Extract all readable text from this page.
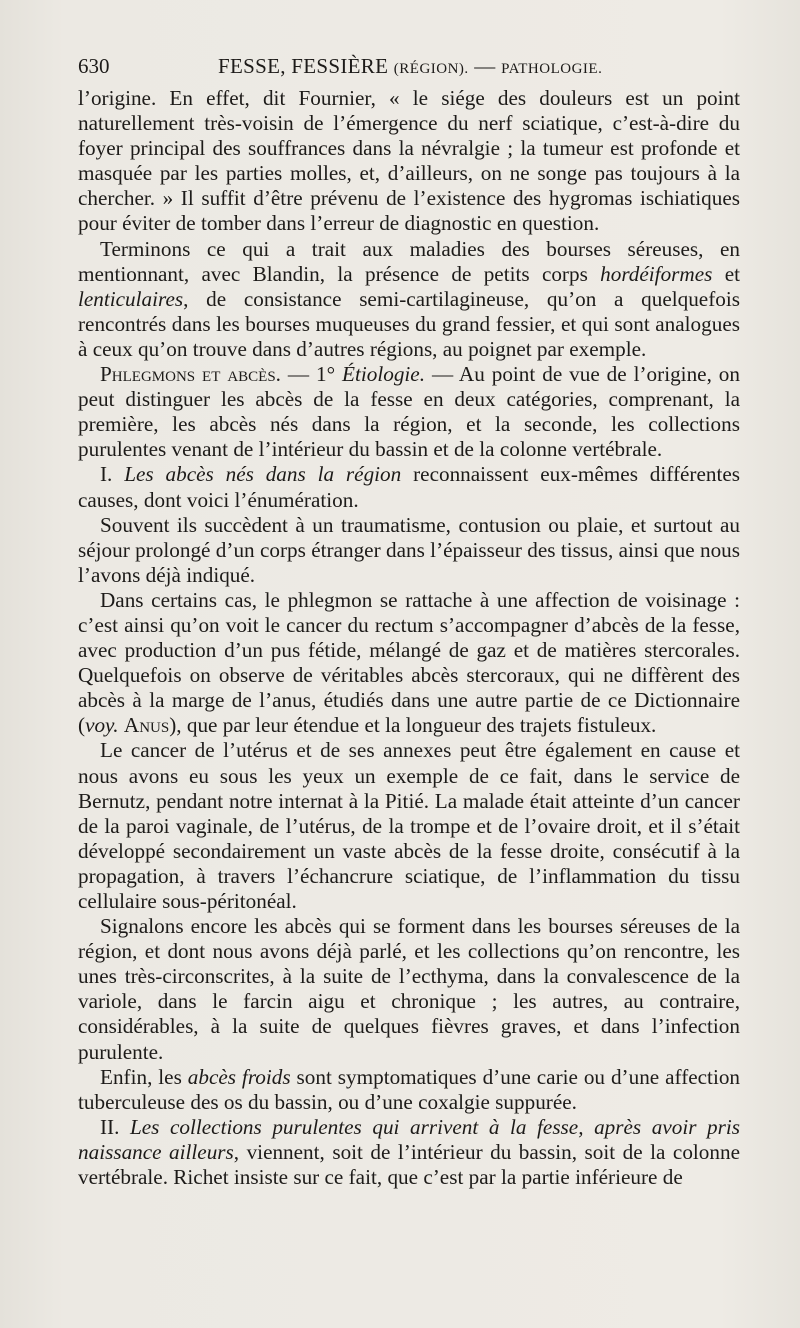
630	FESSE, FESSIÈRE (RÉGION). — PATHOLOGIE.

l’origine. En effet, dit Fournier, « le siége des douleurs est un point naturellement très-voisin de l’émergence du nerf sciatique, c’est-à-dire du foyer principal des souffrances dans la névralgie ; la tumeur est profonde et masquée par les parties molles, et, d’ailleurs, on ne songe pas toujours à la chercher. » Il suffit d’être prévenu de l’existence des hygromas ischiatiques pour éviter de tomber dans l’erreur de diagnostic en question.

Terminons ce qui a trait aux maladies des bourses séreuses, en mentionnant, avec Blandin, la présence de petits corps hordéiformes et lenticulaires, de consistance semi-cartilagineuse, qu’on a quelquefois rencontrés dans les bourses muqueuses du grand fessier, et qui sont analogues à ceux qu’on trouve dans d’autres régions, au poignet par exemple.

Phlegmons et abcès. — 1° Étiologie. — Au point de vue de l’origine, on peut distinguer les abcès de la fesse en deux catégories, comprenant, la première, les abcès nés dans la région, et la seconde, les collections purulentes venant de l’intérieur du bassin et de la colonne vertébrale.

I. Les abcès nés dans la région reconnaissent eux-mêmes différentes causes, dont voici l’énumération.

Souvent ils succèdent à un traumatisme, contusion ou plaie, et surtout au séjour prolongé d’un corps étranger dans l’épaisseur des tissus, ainsi que nous l’avons déjà indiqué.

Dans certains cas, le phlegmon se rattache à une affection de voisinage : c’est ainsi qu’on voit le cancer du rectum s’accompagner d’abcès de la fesse, avec production d’un pus fétide, mélangé de gaz et de matières stercorales. Quelquefois on observe de véritables abcès stercoraux, qui ne diffèrent des abcès à la marge de l’anus, étudiés dans une autre partie de ce Dictionnaire (voy. Anus), que par leur étendue et la longueur des trajets fistuleux.

Le cancer de l’utérus et de ses annexes peut être également en cause et nous avons eu sous les yeux un exemple de ce fait, dans le service de Bernutz, pendant notre internat à la Pitié. La malade était atteinte d’un cancer de la paroi vaginale, de l’utérus, de la trompe et de l’ovaire droit, et il s’était développé secondairement un vaste abcès de la fesse droite, consécutif à la propagation, à travers l’échancrure sciatique, de l’inflammation du tissu cellulaire sous-péritonéal.

Signalons encore les abcès qui se forment dans les bourses séreuses de la région, et dont nous avons déjà parlé, et les collections qu’on rencontre, les unes très-circonscrites, à la suite de l’ecthyma, dans la convalescence de la variole, dans le farcin aigu et chronique ; les autres, au contraire, considérables, à la suite de quelques fièvres graves, et dans l’infection purulente.

Enfin, les abcès froids sont symptomatiques d’une carie ou d’une affection tuberculeuse des os du bassin, ou d’une coxalgie suppurée.

II. Les collections purulentes qui arrivent à la fesse, après avoir pris naissance ailleurs, viennent, soit de l’intérieur du bassin, soit de la colonne vertébrale. Richet insiste sur ce fait, que c’est par la partie inférieure de
